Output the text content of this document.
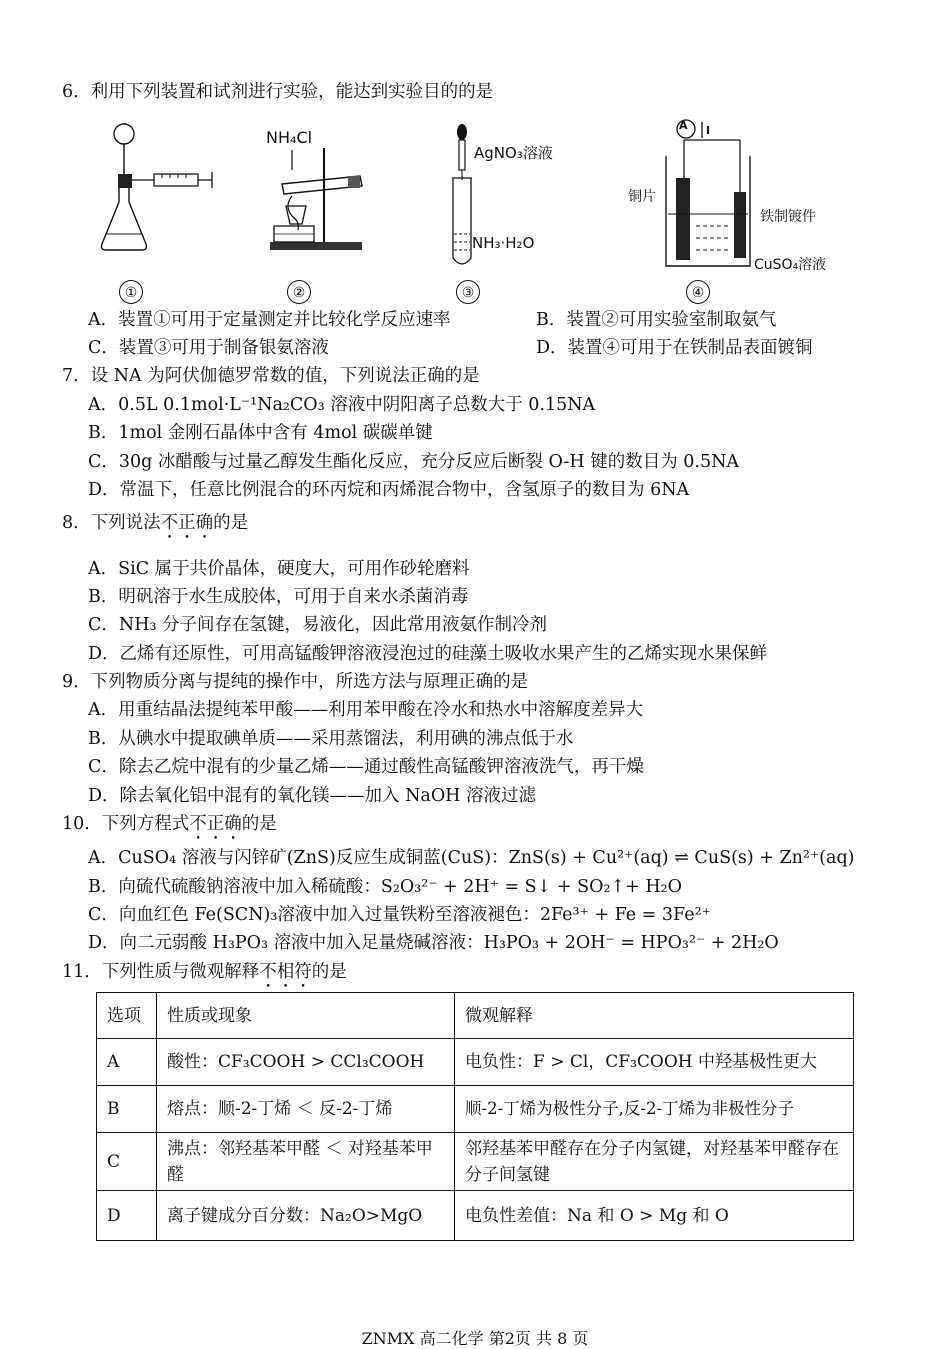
6．利用下列装置和试剂进行实验，能达到实验目的的是
NH₄Cl
AgNO₃溶液
NH₃·H₂O
A
铜片
铁制镀件
CuSO₄溶液
①	②	③	④
A．装置①可用于定量测定并比较化学反应速率	B．装置②可用实验室制取氨气
C．装置③可用于制备银氨溶液	D．装置④可用于在铁制品表面镀铜
7．设 NA 为阿伏伽德罗常数的值，下列说法正确的是
A．0.5L 0.1mol·L⁻¹Na₂CO₃ 溶液中阴阳离子总数大于 0.15NA
B．1mol 金刚石晶体中含有 4mol 碳碳单键
C．30g 冰醋酸与过量乙醇发生酯化反应，充分反应后断裂 O-H 键的数目为 0.5NA
D．常温下，任意比例混合的环丙烷和丙烯混合物中，含氢原子的数目为 6NA
8．下列说法不正确的是
A．SiC 属于共价晶体，硬度大，可用作砂轮磨料
B．明矾溶于水生成胶体，可用于自来水杀菌消毒
C．NH₃ 分子间存在氢键，易液化，因此常用液氨作制冷剂
D．乙烯有还原性，可用高锰酸钾溶液浸泡过的硅藻土吸收水果产生的乙烯实现水果保鲜
9．下列物质分离与提纯的操作中，所选方法与原理正确的是
A．用重结晶法提纯苯甲酸——利用苯甲酸在冷水和热水中溶解度差异大
B．从碘水中提取碘单质——采用蒸馏法，利用碘的沸点低于水
C．除去乙烷中混有的少量乙烯——通过酸性高锰酸钾溶液洗气，再干燥
D．除去氧化铝中混有的氧化镁——加入 NaOH 溶液过滤
10．下列方程式不正确的是
A．CuSO₄ 溶液与闪锌矿(ZnS)反应生成铜蓝(CuS)：ZnS(s) + Cu²⁺(aq) ⇌ CuS(s) + Zn²⁺(aq)
B．向硫代硫酸钠溶液中加入稀硫酸：S₂O₃²⁻ + 2H⁺ = S↓ + SO₂↑+ H₂O
C．向血红色 Fe(SCN)₃溶液中加入过量铁粉至溶液褪色：2Fe³⁺ + Fe = 3Fe²⁺
D．向二元弱酸 H₃PO₃ 溶液中加入足量烧碱溶液：H₃PO₃ + 2OH⁻ = HPO₃²⁻ + 2H₂O
11．下列性质与微观解释不相符的是
选项	性质或现象	微观解释
A	酸性：CF₃COOH > CCl₃COOH	电负性：F > Cl，CF₃COOH 中羟基极性更大
B	熔点：顺-2-丁烯 ＜ 反-2-丁烯	顺-2-丁烯为极性分子,反-2-丁烯为非极性分子
C	沸点：邻羟基苯甲醛 ＜ 对羟基苯甲醛	邻羟基苯甲醛存在分子内氢键，对羟基苯甲醛存在分子间氢键
D	离子键成分百分数：Na₂O>MgO	电负性差值：Na 和 O > Mg 和 O
ZNMX 高二化学 第2页 共 8 页
